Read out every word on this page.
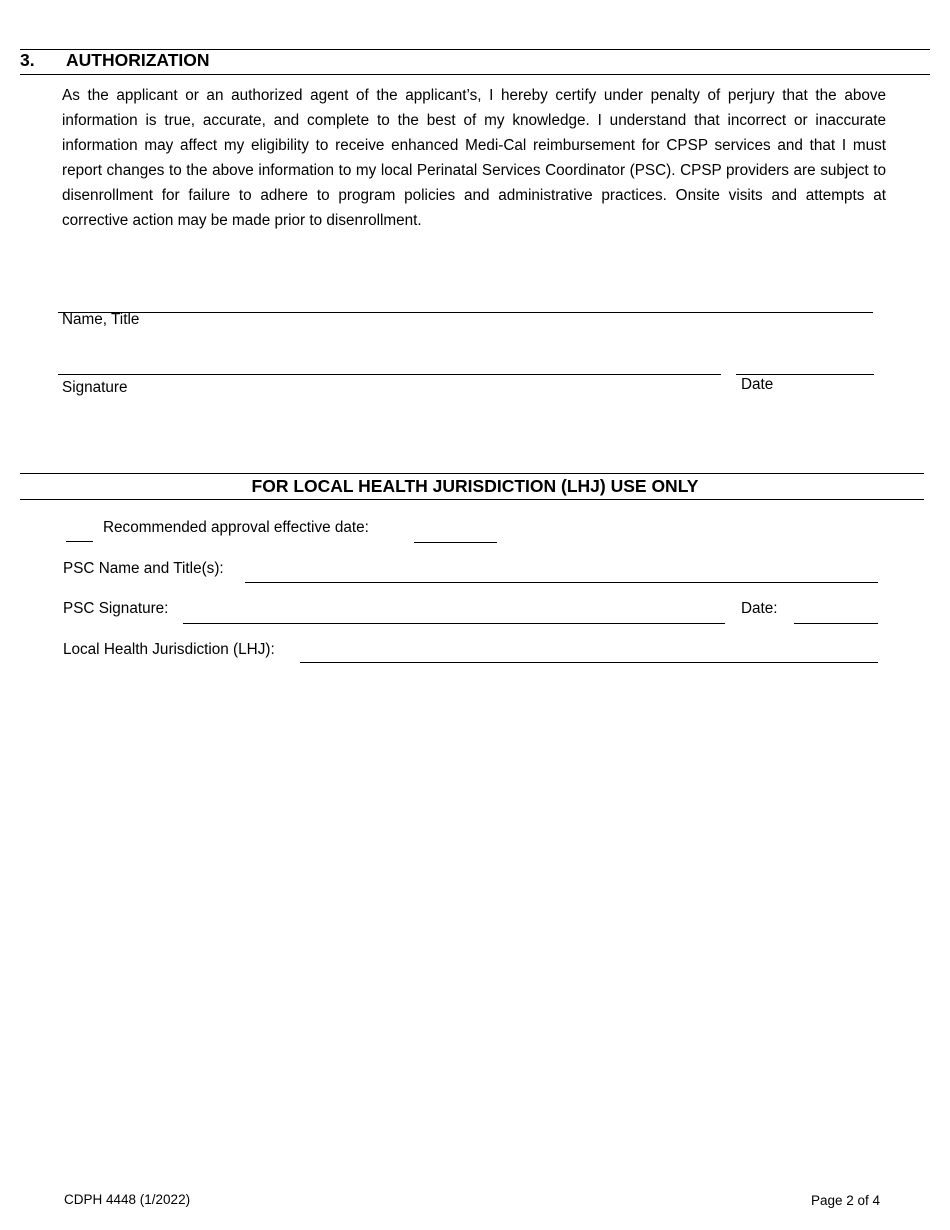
3. AUTHORIZATION
As the applicant or an authorized agent of the applicant’s, I hereby certify under penalty of perjury that the above information is true, accurate, and complete to the best of my knowledge. I understand that incorrect or inaccurate information may affect my eligibility to receive enhanced Medi-Cal reimbursement for CPSP services and that I must report changes to the above information to my local Perinatal Services Coordinator (PSC). CPSP providers are subject to disenrollment for failure to adhere to program policies and administrative practices. Onsite visits and attempts at corrective action may be made prior to disenrollment.
Name, Title
Signature	Date
FOR LOCAL HEALTH JURISDICTION (LHJ) USE ONLY
Recommended approval effective date:
PSC Name and Title(s):
PSC Signature:	Date:
Local Health Jurisdiction (LHJ):
CDPH 4448 (1/2022)	Page 2 of 4
